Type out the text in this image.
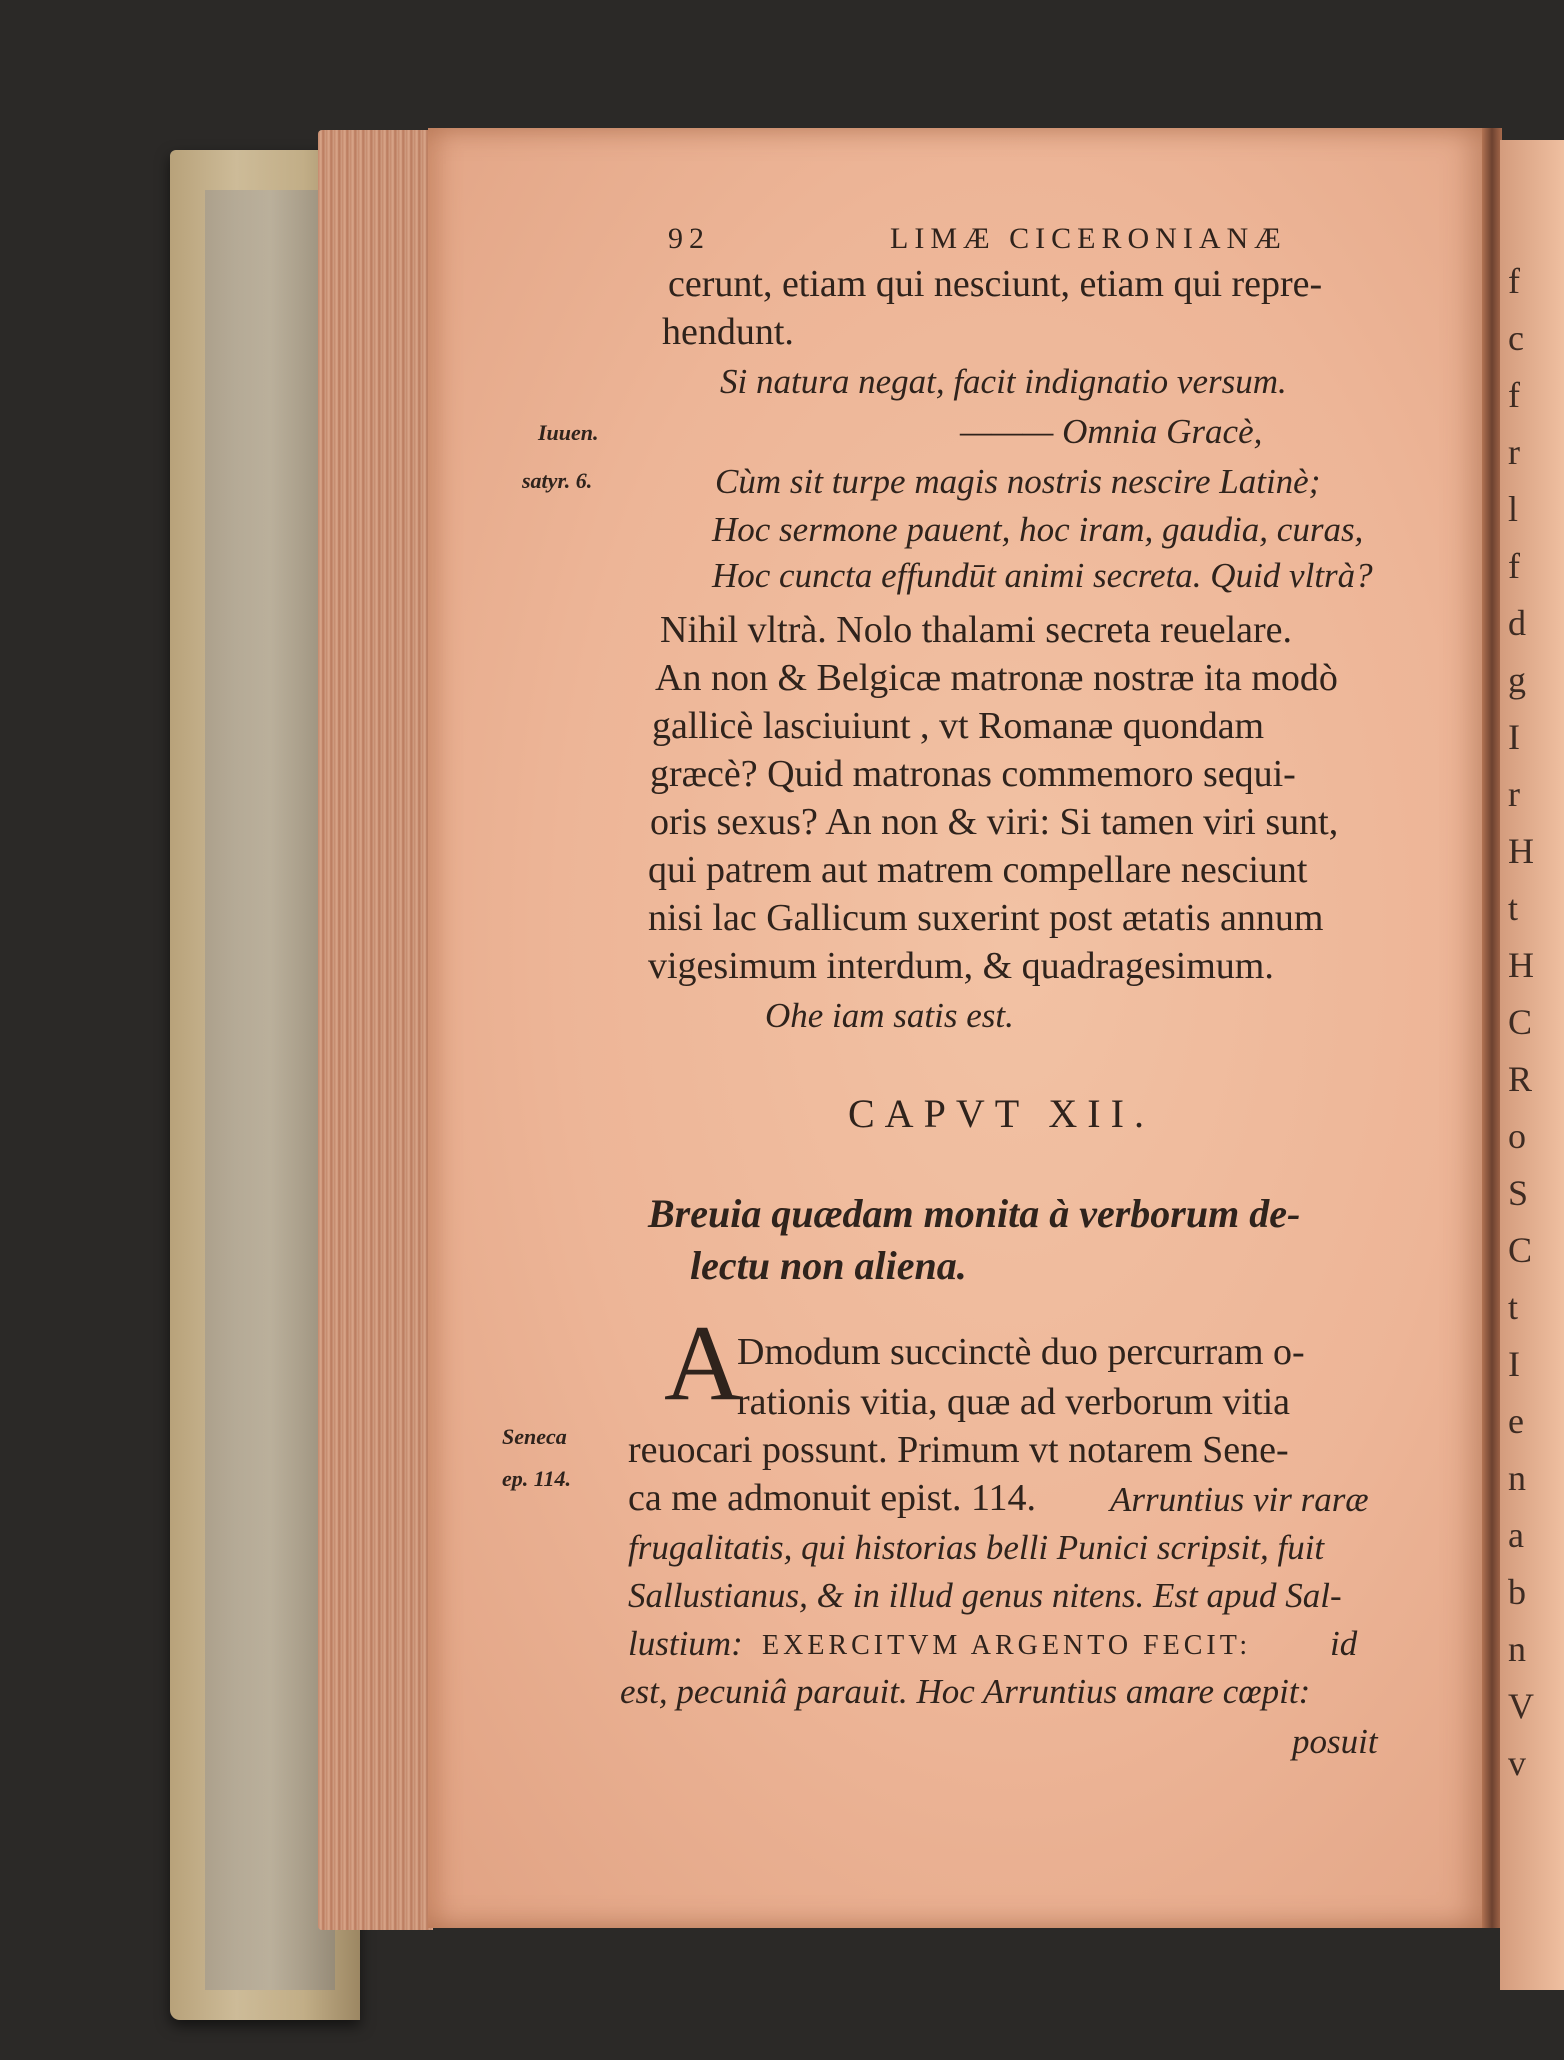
f
c
f
r
l
f
d
g
I
r
H
t
H
C
R
o
S
C
t
I
e
n
a
b
n
V
v
92	LIMÆ CICERONIANÆ
cerunt, etiam qui nesciunt, etiam qui repre-
hendunt.
Si natura negat, facit indignatio versum.
——— Omnia Gracè,
Cùm sit turpe magis nostris nescire Latinè;
Hoc sermone pauent, hoc iram, gaudia, curas,
Hoc cuncta effundūt animi secreta. Quid vltrà?
Iuuen.
satyr. 6.
Nihil vltrà. Nolo thalami secreta reuelare.
An non & Belgicæ matronæ nostræ ita modò
gallicè lasciuiunt , vt Romanæ quondam
græcè? Quid matronas commemoro sequi-
oris sexus? An non & viri: Si tamen viri sunt,
qui patrem aut matrem compellare nesciunt
nisi lac Gallicum suxerint post ætatis annum
vigesimum interdum, & quadragesimum.
Ohe iam satis est.
CAPVT XII.
Breuia quædam monita à verborum de-
lectu non aliena.
A
Dmodum succinctè duo percurram o-
rationis vitia, quæ ad verborum vitia
reuocari possunt. Primum vt notarem Sene-
ca me admonuit epist. 114. Arruntius vir raræ
frugalitatis, qui historias belli Punici scripsit, fuit
Sallustianus, & in illud genus nitens. Est apud Sal-
lustium: EXERCITVM ARGENTO FECIT: id
est, pecuniâ parauit. Hoc Arruntius amare cœpit:
posuit
Seneca
ep. 114.
